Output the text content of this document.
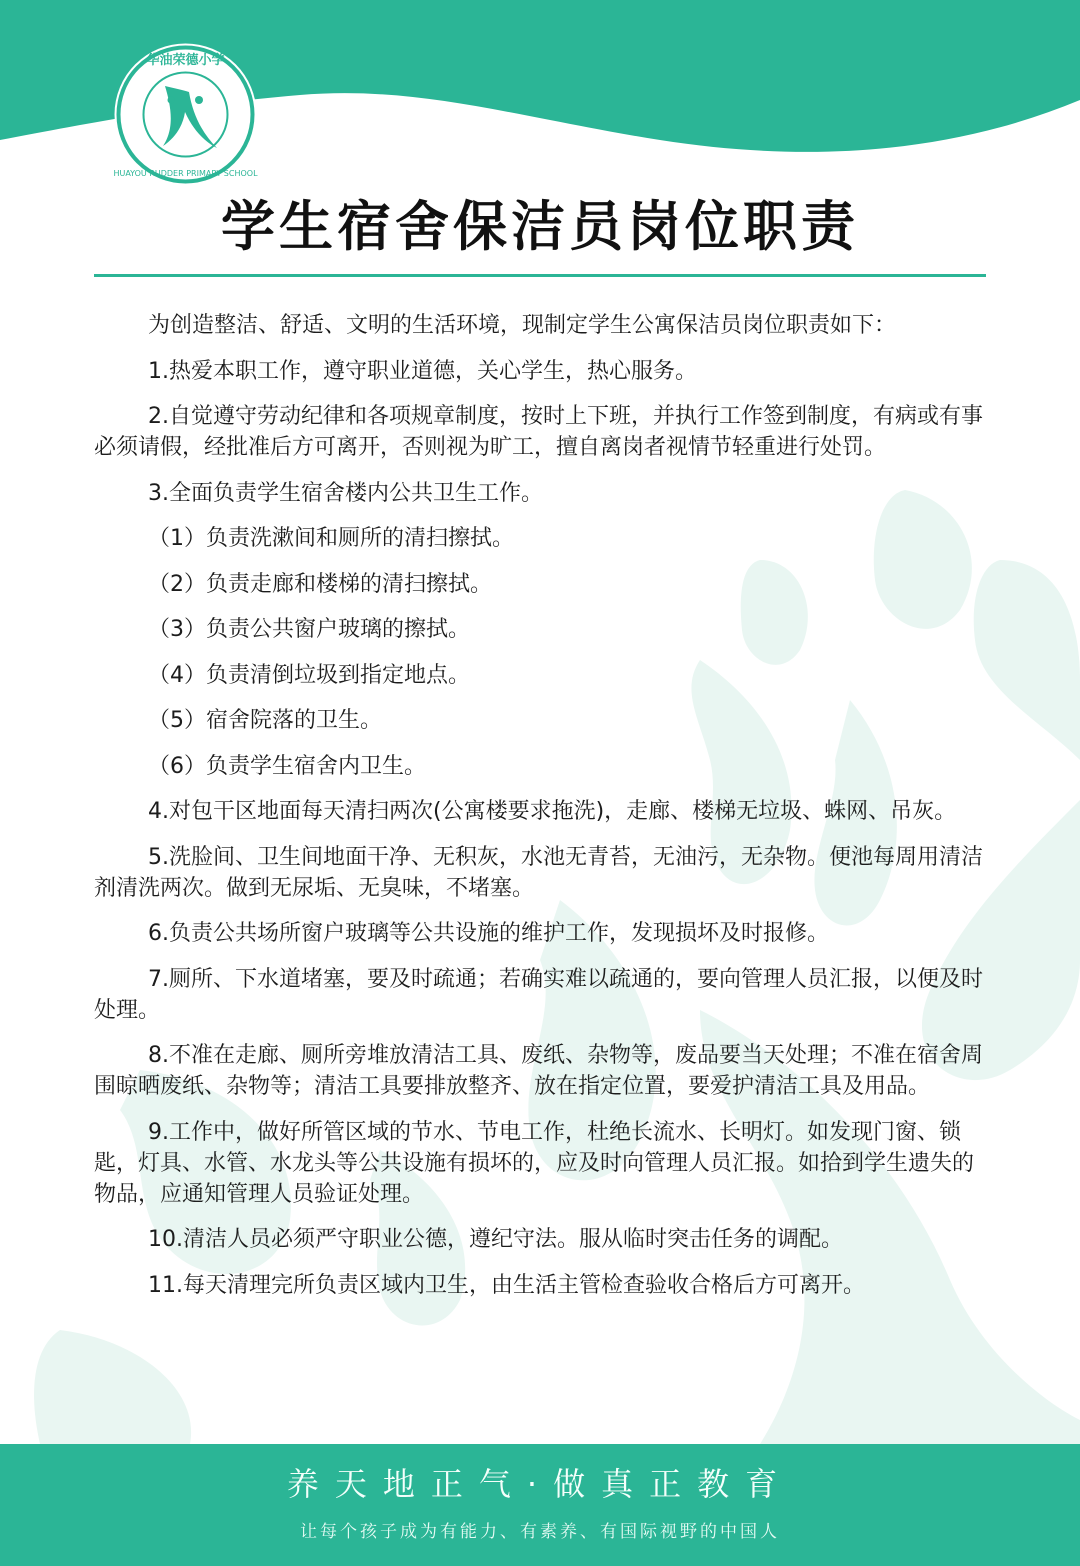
华油荣德小学
HUAYOU RUDDER PRIMARY SCHOOL
学生宿舍保洁员岗位职责

为创造整洁、舒适、文明的生活环境，现制定学生公寓保洁员岗位职责如下：

1.热爱本职工作，遵守职业道德，关心学生，热心服务。

2.自觉遵守劳动纪律和各项规章制度，按时上下班，并执行工作签到制度，有病或有事必须请假，经批准后方可离开，否则视为旷工，擅自离岗者视情节轻重进行处罚。

3.全面负责学生宿舍楼内公共卫生工作。

（1）负责洗漱间和厕所的清扫擦拭。

（2）负责走廊和楼梯的清扫擦拭。

（3）负责公共窗户玻璃的擦拭。

（4）负责清倒垃圾到指定地点。

（5）宿舍院落的卫生。

（6）负责学生宿舍内卫生。

4.对包干区地面每天清扫两次(公寓楼要求拖洗)，走廊、楼梯无垃圾、蛛网、吊灰。

5.洗脸间、卫生间地面干净、无积灰，水池无青苔，无油污，无杂物。便池每周用清洁剂清洗两次。做到无尿垢、无臭味，不堵塞。

6.负责公共场所窗户玻璃等公共设施的维护工作，发现损坏及时报修。

7.厕所、下水道堵塞，要及时疏通；若确实难以疏通的，要向管理人员汇报，以便及时处理。

8.不准在走廊、厕所旁堆放清洁工具、废纸、杂物等，废品要当天处理；不准在宿舍周围晾晒废纸、杂物等；清洁工具要排放整齐、放在指定位置，要爱护清洁工具及用品。

9.工作中，做好所管区域的节水、节电工作，杜绝长流水、长明灯。如发现门窗、锁匙，灯具、水管、水龙头等公共设施有损坏的，应及时向管理人员汇报。如拾到学生遗失的物品，应通知管理人员验证处理。

10.清洁人员必须严守职业公德，遵纪守法。服从临时突击任务的调配。

11.每天清理完所负责区域内卫生，由生活主管检查验收合格后方可离开。

养天地正气·做真正教育
让每个孩子成为有能力、有素养、有国际视野的中国人
